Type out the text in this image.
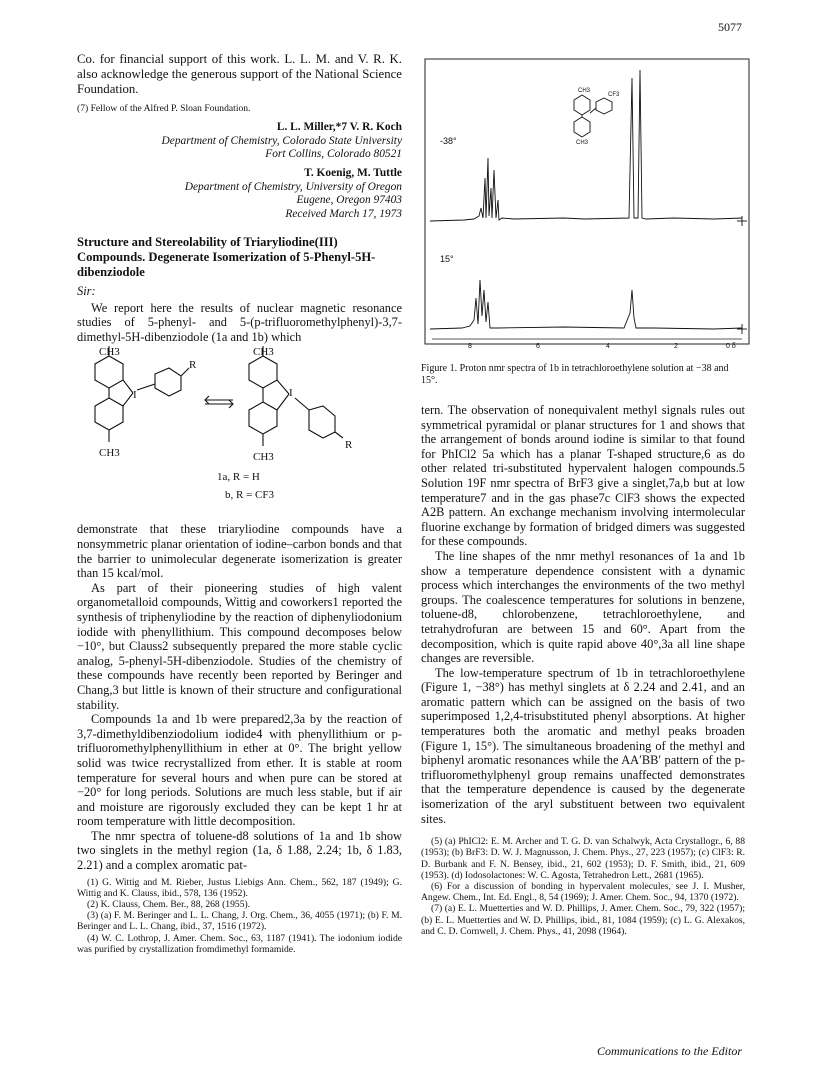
5077

Co. for financial support of this work. L. L. M. and V. R. K. also acknowledge the generous support of the National Science Foundation.

(7) Fellow of the Alfred P. Sloan Foundation.

L. L. Miller,*7 V. R. Koch
Department of Chemistry, Colorado State University
Fort Collins, Colorado 80521
T. Koenig, M. Tuttle
Department of Chemistry, University of Oregon
Eugene, Oregon 97403
Received March 17, 1973
Structure and Stereolability of Triaryliodine(III) Compounds. Degenerate Isomerization of 5-Phenyl-5H-dibenziodole
Sir:

We report here the results of nuclear magnetic resonance studies of 5-phenyl- and 5-(p-trifluoromethylphenyl)-3,7-dimethyl-5H-dibenziodole (1a and 1b) which

CH3	CH3
CH3	CH3
R
R
I	I
1a, R = H
b, R = CF3

demonstrate that these triaryliodine compounds have a nonsymmetric planar orientation of iodine–carbon bonds and that the barrier to unimolecular degenerate isomerization is greater than 15 kcal/mol.

As part of their pioneering studies of high valent organometalloid compounds, Wittig and coworkers1 reported the synthesis of triphenyliodine by the reaction of diphenyliodonium iodide with phenyllithium. This compound decomposes below −10°, but Clauss2 subsequently prepared the more stable cyclic analog, 5-phenyl-5H-dibenziodole. Studies of the chemistry of these compounds have recently been reported by Beringer and Chang,3 but little is known of their structure and configurational stability.

Compounds 1a and 1b were prepared2,3a by the reaction of 3,7-dimethyldibenziodolium iodide4 with phenyllithium or p-trifluoromethylphenyllithium in ether at 0°. The bright yellow solid was twice recrystallized from ether. It is stable at room temperature for several hours and when pure can be stored at −20° for long periods. Solutions are much less stable, but if air and moisture are rigorously excluded they can be kept 1 hr at room temperature with little decomposition.

The nmr spectra of toluene-d8 solutions of 1a and 1b show two singlets in the methyl region (1a, δ 1.88, 2.24; 1b, δ 1.83, 2.21) and a complex aromatic pat-

(1) G. Wittig and M. Rieber, Justus Liebigs Ann. Chem., 562, 187 (1949); G. Wittig and K. Clauss, ibid., 578, 136 (1952).

(2) K. Clauss, Chem. Ber., 88, 268 (1955).

(3) (a) F. M. Beringer and L. L. Chang, J. Org. Chem., 36, 4055 (1971); (b) F. M. Beringer and L. L. Chang, ibid., 37, 1516 (1972).

(4) W. C. Lothrop, J. Amer. Chem. Soc., 63, 1187 (1941). The iodonium iodide was purified by crystallization fromdimethyl formamide.

-38°
15°
CH3
CF3
CH3
8	6	4	2	0 δ
Figure 1. Proton nmr spectra of 1b in tetrachloroethylene solution at −38 and 15°.

tern. The observation of nonequivalent methyl signals rules out symmetrical pyramidal or planar structures for 1 and shows that the arrangement of bonds around iodine is similar to that found for PhICl2 5a which has a planar T-shaped structure,6 as do other related tri-substituted hypervalent halogen compounds.5 Solution 19F nmr spectra of BrF3 give a singlet,7a,b but at low temperature7 and in the gas phase7c ClF3 shows the expected A2B pattern. An exchange mechanism involving intermolecular fluorine exchange by formation of bridged dimers was suggested for these compounds.

The line shapes of the nmr methyl resonances of 1a and 1b show a temperature dependence consistent with a dynamic process which interchanges the environments of the two methyl groups. The coalescence temperatures for solutions in benzene, toluene-d8, chlorobenzene, tetrachloroethylene, and tetrahydrofuran are between 15 and 60°. Apart from the decomposition, which is quite rapid above 40°,3a all line shape changes are reversible.

The low-temperature spectrum of 1b in tetrachloroethylene (Figure 1, −38°) has methyl singlets at δ 2.24 and 2.41, and an aromatic pattern which can be assigned on the basis of two superimposed 1,2,4-trisubstituted phenyl absorptions. At higher temperatures both the aromatic and methyl peaks broaden (Figure 1, 15°). The simultaneous broadening of the methyl and biphenyl aromatic resonances while the AA′BB′ pattern of the p-trifluoromethylphenyl group remains unaffected demonstrates that the temperature dependence is caused by the degenerate isomerization of the aryl substituent between two equivalent sites.

(5) (a) PhICl2: E. M. Archer and T. G. D. van Schalwyk, Acta Crystallogr., 6, 88 (1953); (b) BrF3: D. W. J. Magnusson, J. Chem. Phys., 27, 223 (1957); (c) ClF3: R. D. Burbank and F. N. Bensey, ibid., 21, 602 (1953); D. F. Smith, ibid., 21, 609 (1953). (d) Iodosolactones: W. C. Agosta, Tetrahedron Lett., 2681 (1965).

(6) For a discussion of bonding in hypervalent molecules, see J. I. Musher, Angew. Chem., Int. Ed. Engl., 8, 54 (1969); J. Amer. Chem. Soc., 94, 1370 (1972).

(7) (a) E. L. Muetterties and W. D. Phillips, J. Amer. Chem. Soc., 79, 322 (1957); (b) E. L. Muetterties and W. D. Phillips, ibid., 81, 1084 (1959); (c) L. G. Alexakos, and C. D. Cornwell, J. Chem. Phys., 41, 2098 (1964).

Communications to the Editor
